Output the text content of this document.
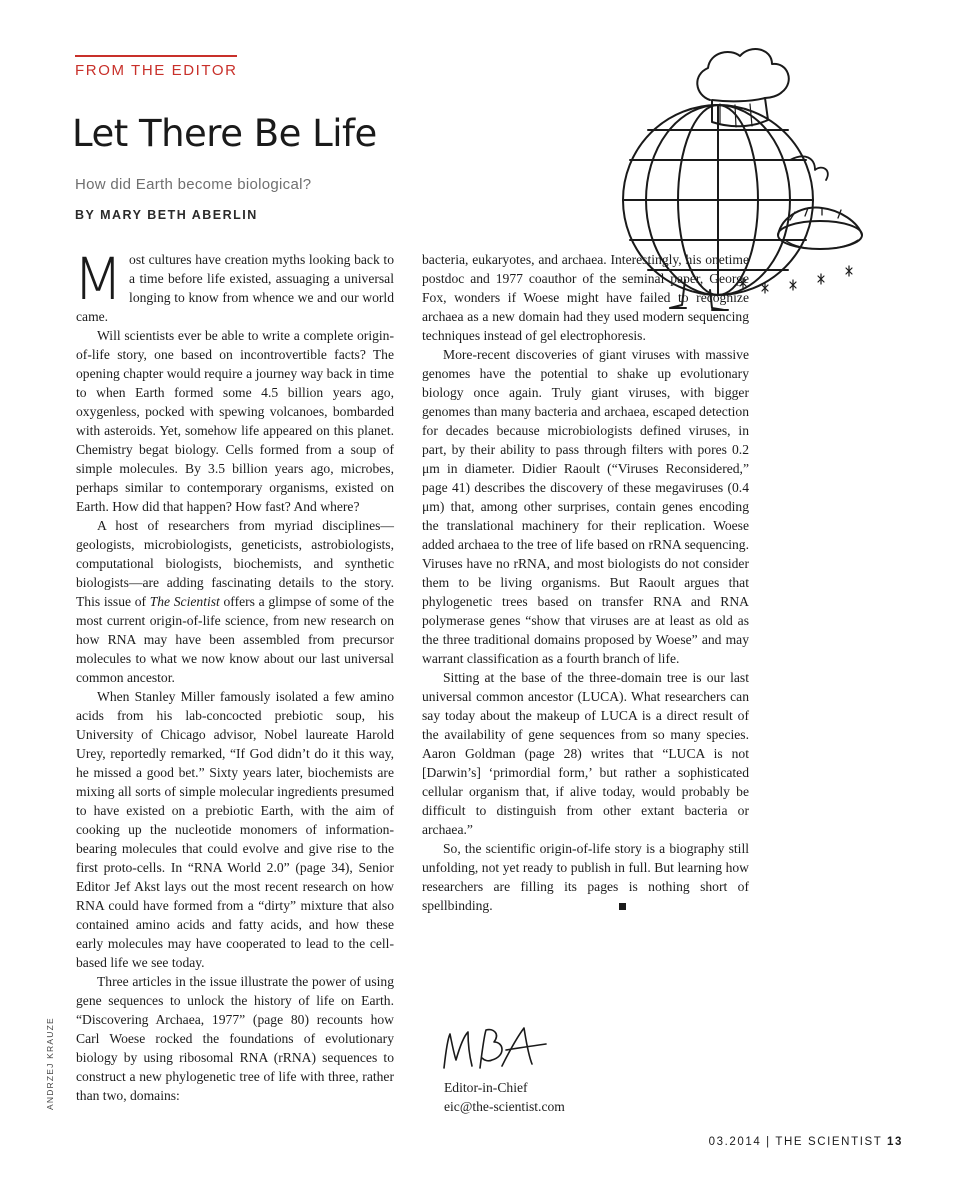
FROM THE EDITOR
Let There Be Life
How did Earth become biological?
BY MARY BETH ABERLIN

Most cultures have creation myths looking back to a time before life existed, assuaging a universal longing to know from whence we and our world came.

Will scientists ever be able to write a complete origin-of-life story, one based on incontrovertible facts? The opening chapter would require a journey way back in time to when Earth formed some 4.5 billion years ago, oxygenless, pocked with spewing volcanoes, bombarded with asteroids. Yet, somehow life appeared on this planet. Chemistry begat biology. Cells formed from a soup of simple molecules. By 3.5 billion years ago, microbes, perhaps similar to contemporary organisms, existed on Earth. How did that happen? How fast? And where?

A host of researchers from myriad disciplines—geologists, microbiologists, geneticists, astrobiologists, computational biologists, biochemists, and synthetic biologists—are adding fascinating details to the story. This issue of The Scientist offers a glimpse of some of the most current origin-of-life science, from new research on how RNA may have been assembled from precursor molecules to what we now know about our last universal common ancestor.

When Stanley Miller famously isolated a few amino acids from his lab-concocted prebiotic soup, his University of Chicago advisor, Nobel laureate Harold Urey, reportedly remarked, “If God didn’t do it this way, he missed a good bet.” Sixty years later, biochemists are mixing all sorts of simple molecular ingredients presumed to have existed on a prebiotic Earth, with the aim of cooking up the nucleotide monomers of information-bearing molecules that could evolve and give rise to the first proto-cells. In “RNA World 2.0” (page 34), Senior Editor Jef Akst lays out the most recent research on how RNA could have formed from a “dirty” mixture that also contained amino acids and fatty acids, and how these early molecules may have cooperated to lead to the cell-based life we see today.

Three articles in the issue illustrate the power of using gene sequences to unlock the history of life on Earth. “Discovering Archaea, 1977” (page 80) recounts how Carl Woese rocked the foundations of evolutionary biology by using ribosomal RNA (rRNA) sequences to construct a new phylogenetic tree of life with three, rather than two, domains:

bacteria, eukaryotes, and archaea. Interestingly, his onetime postdoc and 1977 coauthor of the seminal paper, George Fox, wonders if Woese might have failed to recognize archaea as a new domain had they used modern sequencing techniques instead of gel electrophoresis.

More-recent discoveries of giant viruses with massive genomes have the potential to shake up evolutionary biology once again. Truly giant viruses, with bigger genomes than many bacteria and archaea, escaped detection for decades because microbiologists defined viruses, in part, by their ability to pass through filters with pores 0.2 μm in diameter. Didier Raoult (“Viruses Reconsidered,” page 41) describes the discovery of these megaviruses (0.4 μm) that, among other surprises, contain genes encoding the translational machinery for their replication. Woese added archaea to the tree of life based on rRNA sequencing. Viruses have no rRNA, and most biologists do not consider them to be living organisms. But Raoult argues that phylogenetic trees based on transfer RNA and RNA polymerase genes “show that viruses are at least as old as the three traditional domains proposed by Woese” and may warrant classification as a fourth branch of life.

Sitting at the base of the three-domain tree is our last universal common ancestor (LUCA). What researchers can say today about the makeup of LUCA is a direct result of the availability of gene sequences from so many species. Aaron Goldman (page 28) writes that “LUCA is not [Darwin’s] ‘primordial form,’ but rather a sophisticated cellular organism that, if alive today, would probably be difficult to distinguish from other extant bacteria or archaea.”

So, the scientific origin-of-life story is a biography still unfolding, not yet ready to publish in full. But learning how researchers are filling its pages is nothing short of spellbinding.

Editor-in-Chief
eic@the-scientist.com
ANDRZEJ KRAUZE
03.2014 | THE SCIENTIST 13
